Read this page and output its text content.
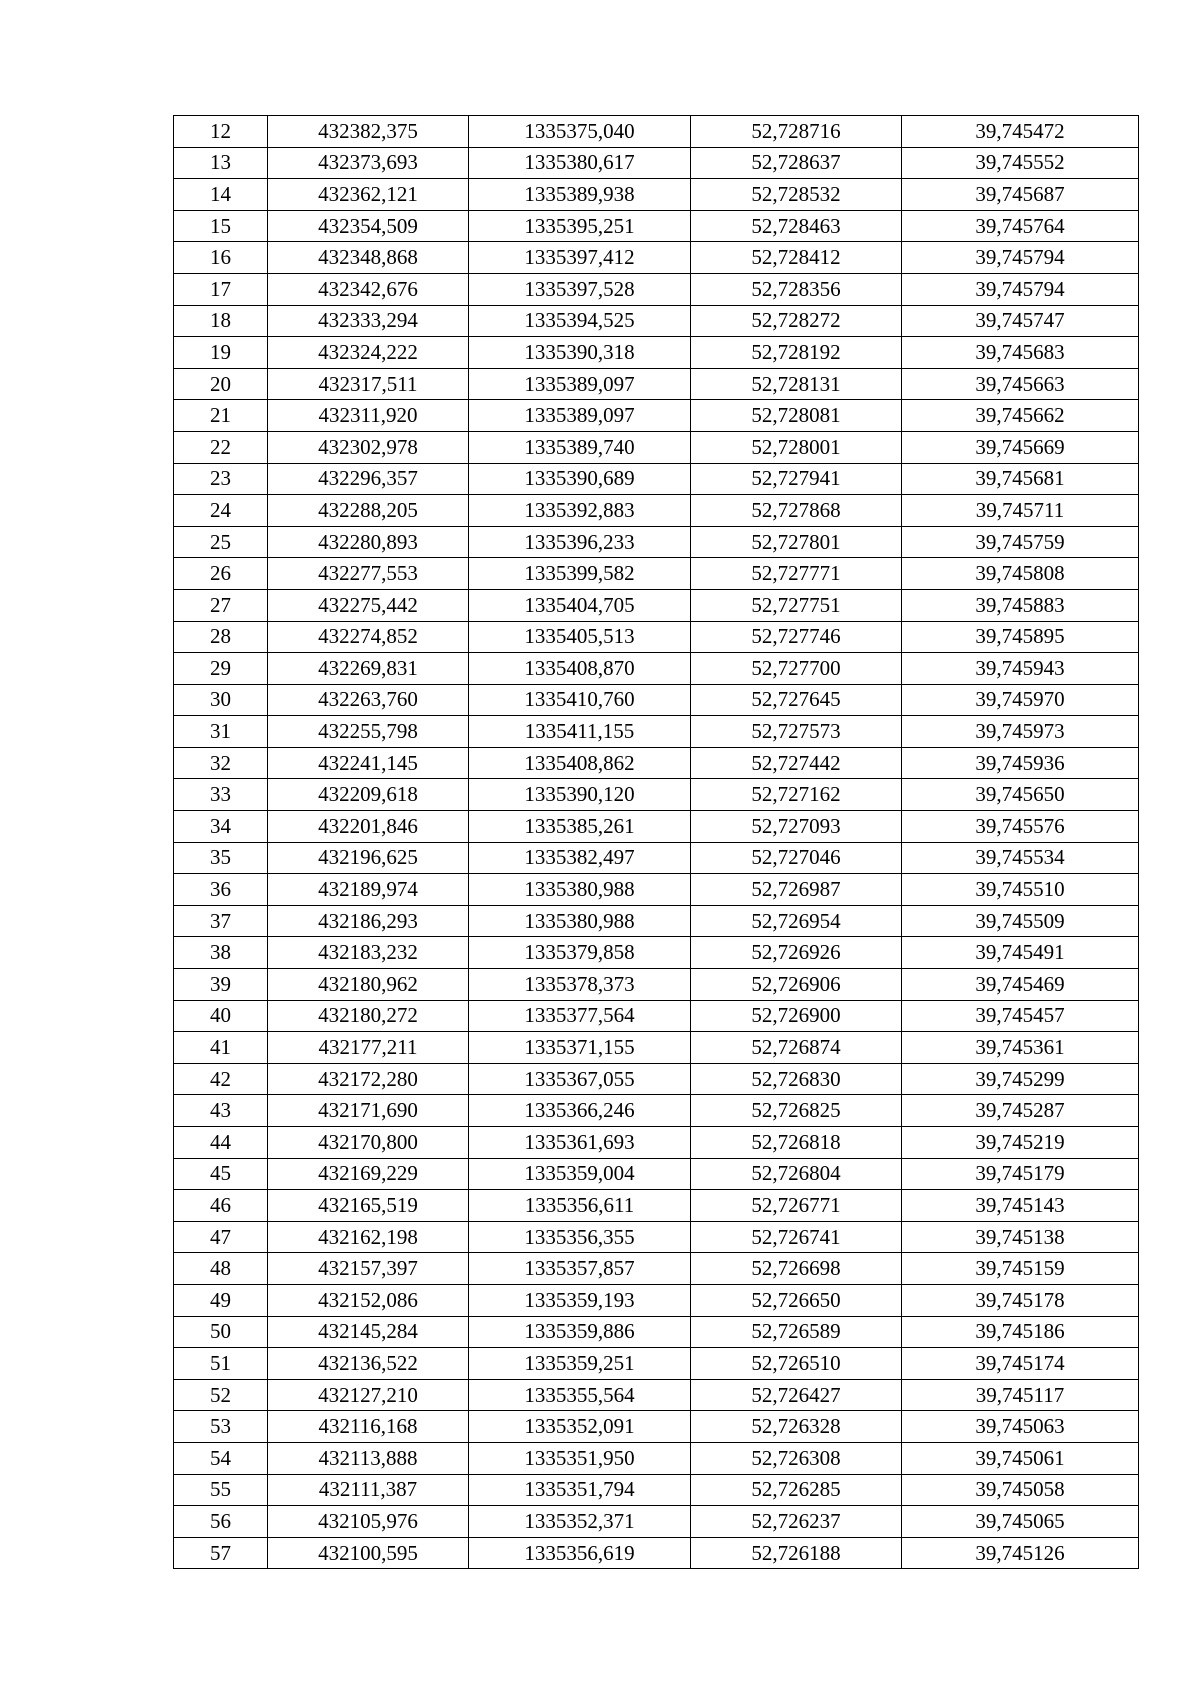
12	432382,375	1335375,040	52,728716	39,745472
13	432373,693	1335380,617	52,728637	39,745552
14	432362,121	1335389,938	52,728532	39,745687
15	432354,509	1335395,251	52,728463	39,745764
16	432348,868	1335397,412	52,728412	39,745794
17	432342,676	1335397,528	52,728356	39,745794
18	432333,294	1335394,525	52,728272	39,745747
19	432324,222	1335390,318	52,728192	39,745683
20	432317,511	1335389,097	52,728131	39,745663
21	432311,920	1335389,097	52,728081	39,745662
22	432302,978	1335389,740	52,728001	39,745669
23	432296,357	1335390,689	52,727941	39,745681
24	432288,205	1335392,883	52,727868	39,745711
25	432280,893	1335396,233	52,727801	39,745759
26	432277,553	1335399,582	52,727771	39,745808
27	432275,442	1335404,705	52,727751	39,745883
28	432274,852	1335405,513	52,727746	39,745895
29	432269,831	1335408,870	52,727700	39,745943
30	432263,760	1335410,760	52,727645	39,745970
31	432255,798	1335411,155	52,727573	39,745973
32	432241,145	1335408,862	52,727442	39,745936
33	432209,618	1335390,120	52,727162	39,745650
34	432201,846	1335385,261	52,727093	39,745576
35	432196,625	1335382,497	52,727046	39,745534
36	432189,974	1335380,988	52,726987	39,745510
37	432186,293	1335380,988	52,726954	39,745509
38	432183,232	1335379,858	52,726926	39,745491
39	432180,962	1335378,373	52,726906	39,745469
40	432180,272	1335377,564	52,726900	39,745457
41	432177,211	1335371,155	52,726874	39,745361
42	432172,280	1335367,055	52,726830	39,745299
43	432171,690	1335366,246	52,726825	39,745287
44	432170,800	1335361,693	52,726818	39,745219
45	432169,229	1335359,004	52,726804	39,745179
46	432165,519	1335356,611	52,726771	39,745143
47	432162,198	1335356,355	52,726741	39,745138
48	432157,397	1335357,857	52,726698	39,745159
49	432152,086	1335359,193	52,726650	39,745178
50	432145,284	1335359,886	52,726589	39,745186
51	432136,522	1335359,251	52,726510	39,745174
52	432127,210	1335355,564	52,726427	39,745117
53	432116,168	1335352,091	52,726328	39,745063
54	432113,888	1335351,950	52,726308	39,745061
55	432111,387	1335351,794	52,726285	39,745058
56	432105,976	1335352,371	52,726237	39,745065
57	432100,595	1335356,619	52,726188	39,745126
